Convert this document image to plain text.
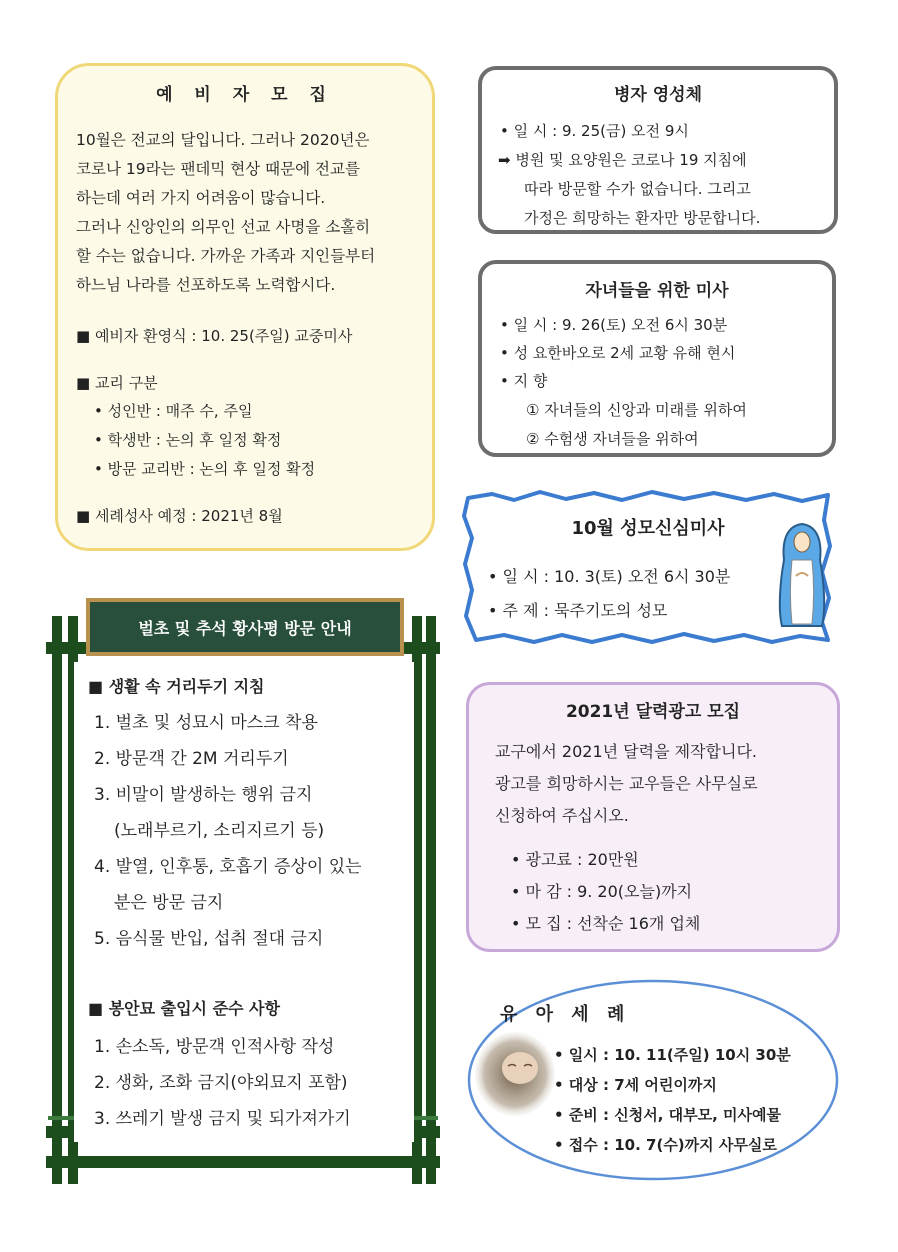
예 비 자 모 집
10월은 전교의 달입니다. 그러나 2020년은
코로나 19라는 팬데믹 현상 때문에 전교를
하는데 여러 가지 어려움이 많습니다.
그러나 신앙인의 의무인 선교 사명을 소홀히
할 수는 없습니다. 가까운 가족과 지인들부터
하느님 나라를 선포하도록 노력합시다.
■ 예비자 환영식 : 10. 25(주일) 교중미사
■ 교리 구분
• 성인반 : 매주 수, 주일
• 학생반 : 논의 후 일정 확정
• 방문 교리반 : 논의 후 일정 확정
■ 세례성사 예정 : 2021년 8월
병자 영성체
• 일 시 : 9. 25(금) 오전 9시
➡ 병원 및 요양원은 코로나 19 지침에
따라 방문할 수가 없습니다. 그리고
가정은 희망하는 환자만 방문합니다.
자녀들을 위한 미사
• 일 시 : 9. 26(토) 오전 6시 30분
• 성 요한바오로 2세 교황 유해 현시
• 지 향
① 자녀들의 신앙과 미래를 위하여
② 수험생 자녀들을 위하여
10월 성모신심미사
• 일 시 : 10. 3(토) 오전 6시 30분
• 주 제 : 묵주기도의 성모
2021년 달력광고 모집
교구에서 2021년 달력을 제작합니다.
광고를 희망하시는 교우들은 사무실로
신청하여 주십시오.
• 광고료 : 20만원
• 마 감 : 9. 20(오늘)까지
• 모 집 : 선착순 16개 업체
유 아 세 례
• 일시 : 10. 11(주일) 10시 30분
• 대상 : 7세 어린이까지
• 준비 : 신청서, 대부모, 미사예물
• 접수 : 10. 7(수)까지 사무실로
■ 생활 속 거리두기 지침
1. 벌초 및 성묘시 마스크 착용
2. 방문객 간 2M 거리두기
3. 비말이 발생하는 행위 금지
(노래부르기, 소리지르기 등)
4. 발열, 인후통, 호흡기 증상이 있는
분은 방문 금지
5. 음식물 반입, 섭취 절대 금지
■ 봉안묘 출입시 준수 사항
1. 손소독, 방문객 인적사항 작성
2. 생화, 조화 금지(야외묘지 포함)
3. 쓰레기 발생 금지 및 되가져가기
벌초 및 추석 황사평 방문 안내
